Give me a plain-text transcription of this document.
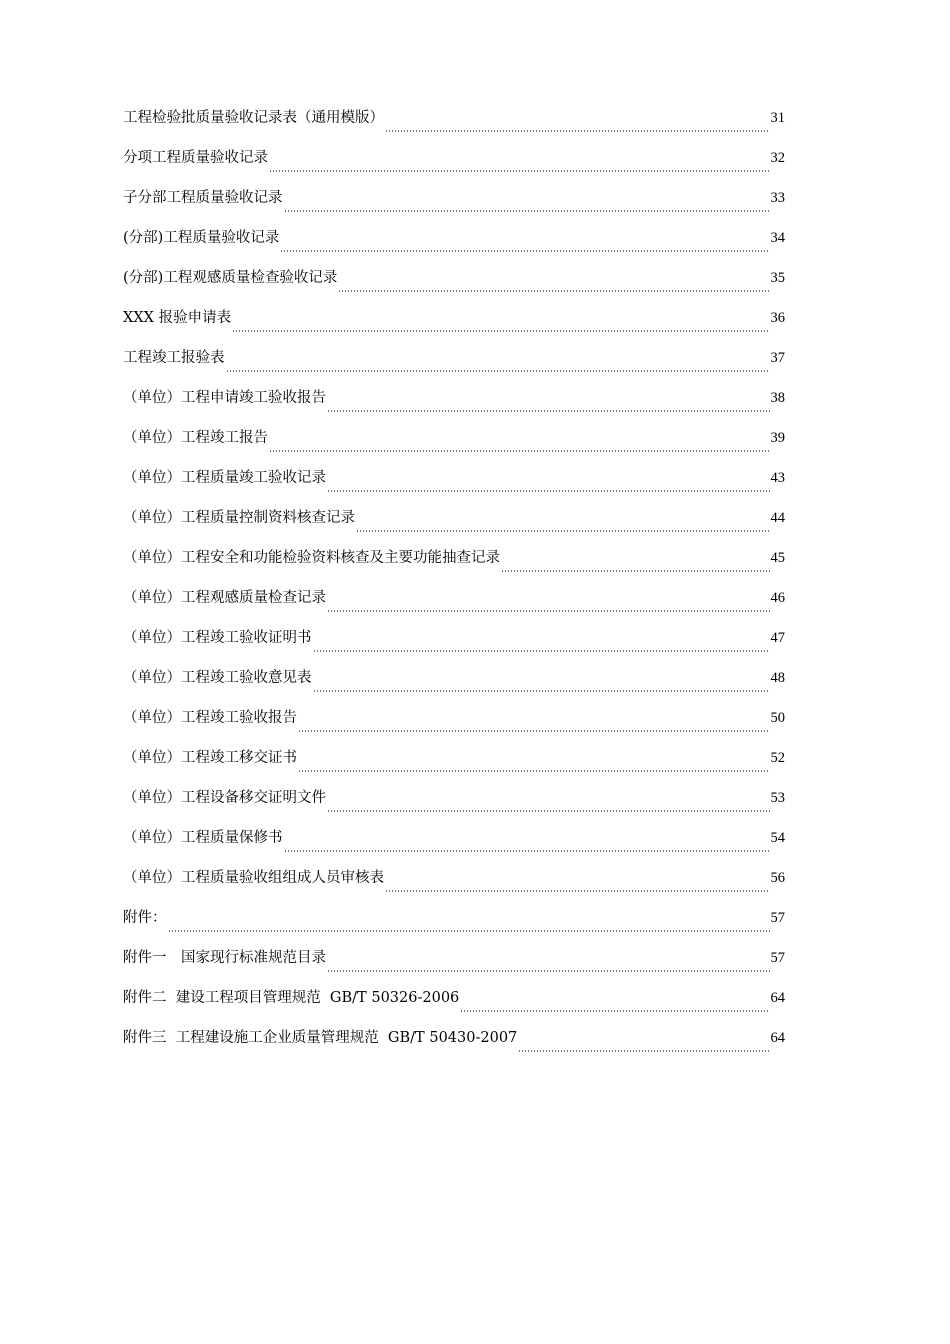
工程检验批质量验收记录表（通用模版）	31
分项工程质量验收记录	32
子分部工程质量验收记录	33
(分部)工程质量验收记录	34
(分部)工程观感质量检查验收记录	35
XXX 报验申请表	36
工程竣工报验表	37
（单位）工程申请竣工验收报告	38
（单位）工程竣工报告	39
（单位）工程质量竣工验收记录	43
（单位）工程质量控制资料核查记录	44
（单位）工程安全和功能检验资料核查及主要功能抽查记录	45
（单位）工程观感质量检查记录	46
（单位）工程竣工验收证明书	47
（单位）工程竣工验收意见表	48
（单位）工程竣工验收报告	50
（单位）工程竣工移交证书	52
（单位）工程设备移交证明文件	53
（单位）工程质量保修书	54
（单位）工程质量验收组组成人员审核表	56
附件：	57
附件一　国家现行标准规范目录	57
附件二  建设工程项目管理规范  GB/T 50326-2006	64
附件三  工程建设施工企业质量管理规范  GB/T 50430-2007	64
